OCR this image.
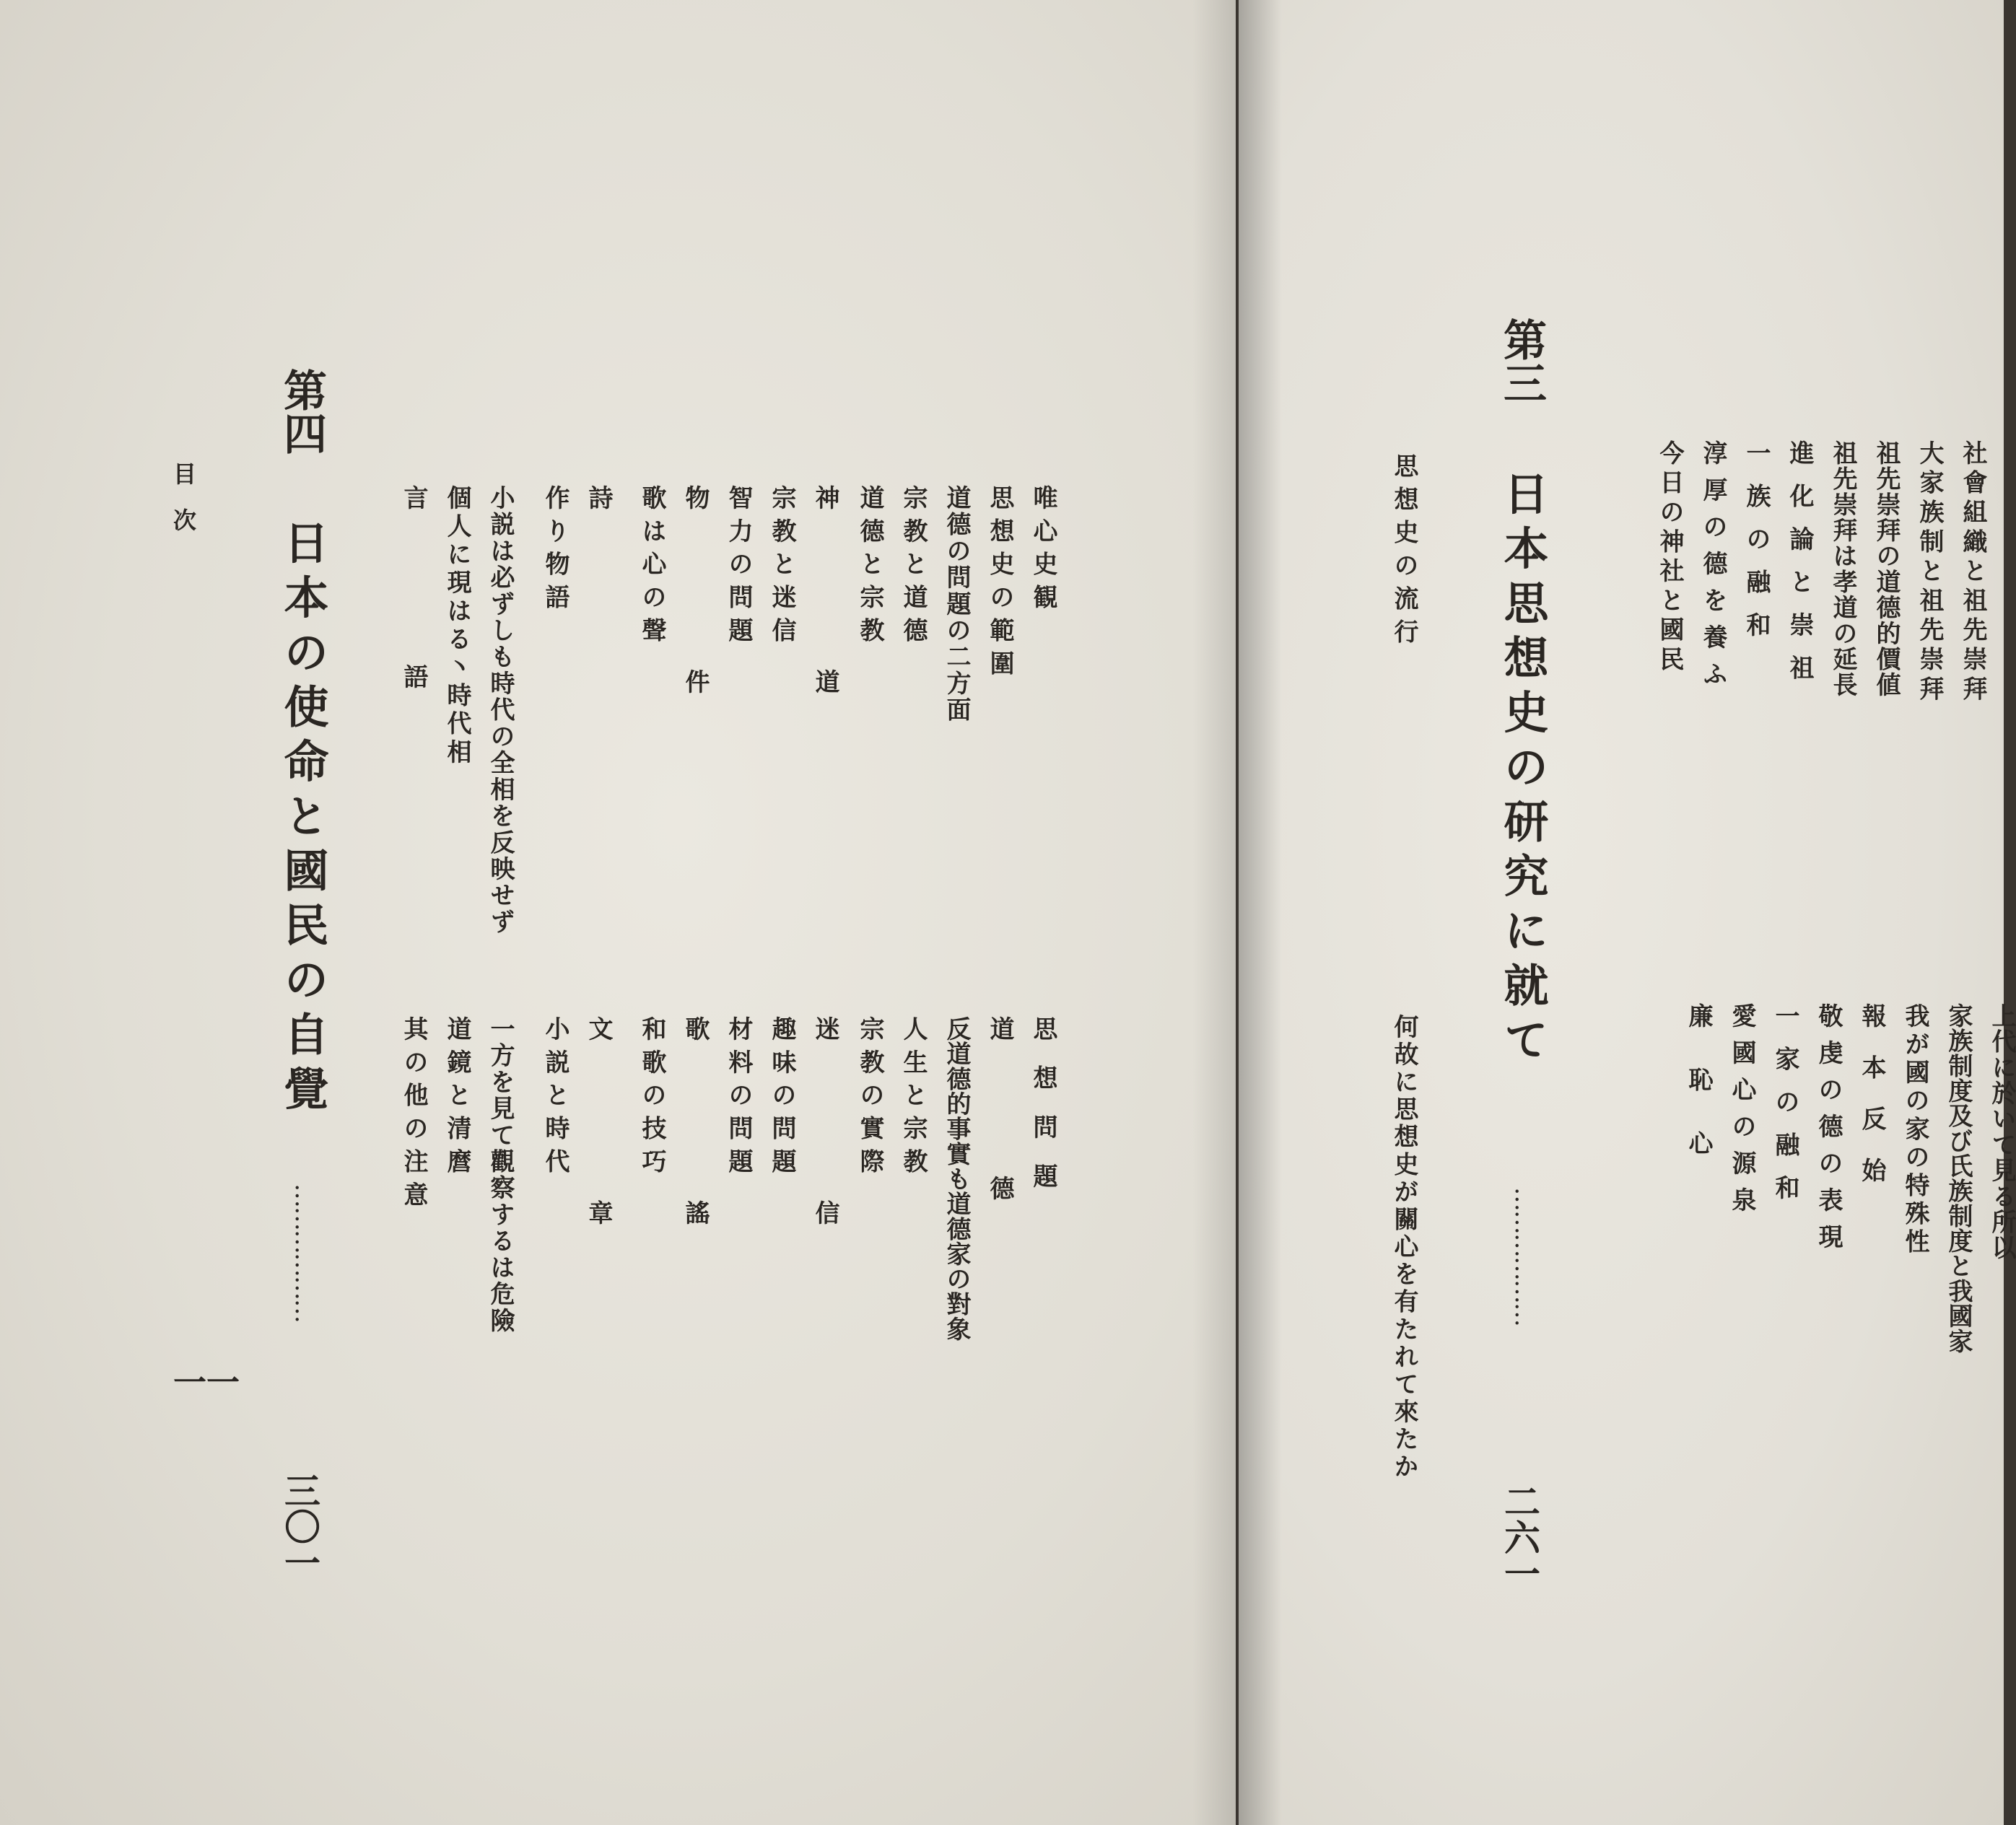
目　次
一一
第四
日本の使命と國民の自覺
………………
三〇一
唯心史観
思想史の範圍
道德の問題の二方面
宗教と道德
道德と宗教
神道
宗教と迷信
智力の問題
物件
歌は心の聲
詩
作り物語
小説は必ずしも時代の全相を反映せず
個人に現はる丶時代相
言語
思想問題
道德
反道德的事實も道德家の對象
人生と宗教
宗教の實際
迷信
趣味の問題
材料の問題
歌謠
和歌の技巧
文章
小説と時代
一方を見て觀察するは危險
道鏡と清麿
其の他の注意
第三
日本思想史の研究に就て
………………
二六一
思想史の流行
何故に思想史が關心を有たれて來たか
社會組織と祖先崇拜
大家族制と祖先崇拜
祖先崇拜の道德的價値
祖先崇拜は孝道の延長
進化論と崇祖
一族の融和
淳厚の德を養ふ
今日の神社と國民
上代に於いて見る所以
家族制度及び氏族制度と我國家
我が國の家の特殊性
報本反始
敬虔の德の表現
一家の融和
愛國心の源泉
廉恥心
